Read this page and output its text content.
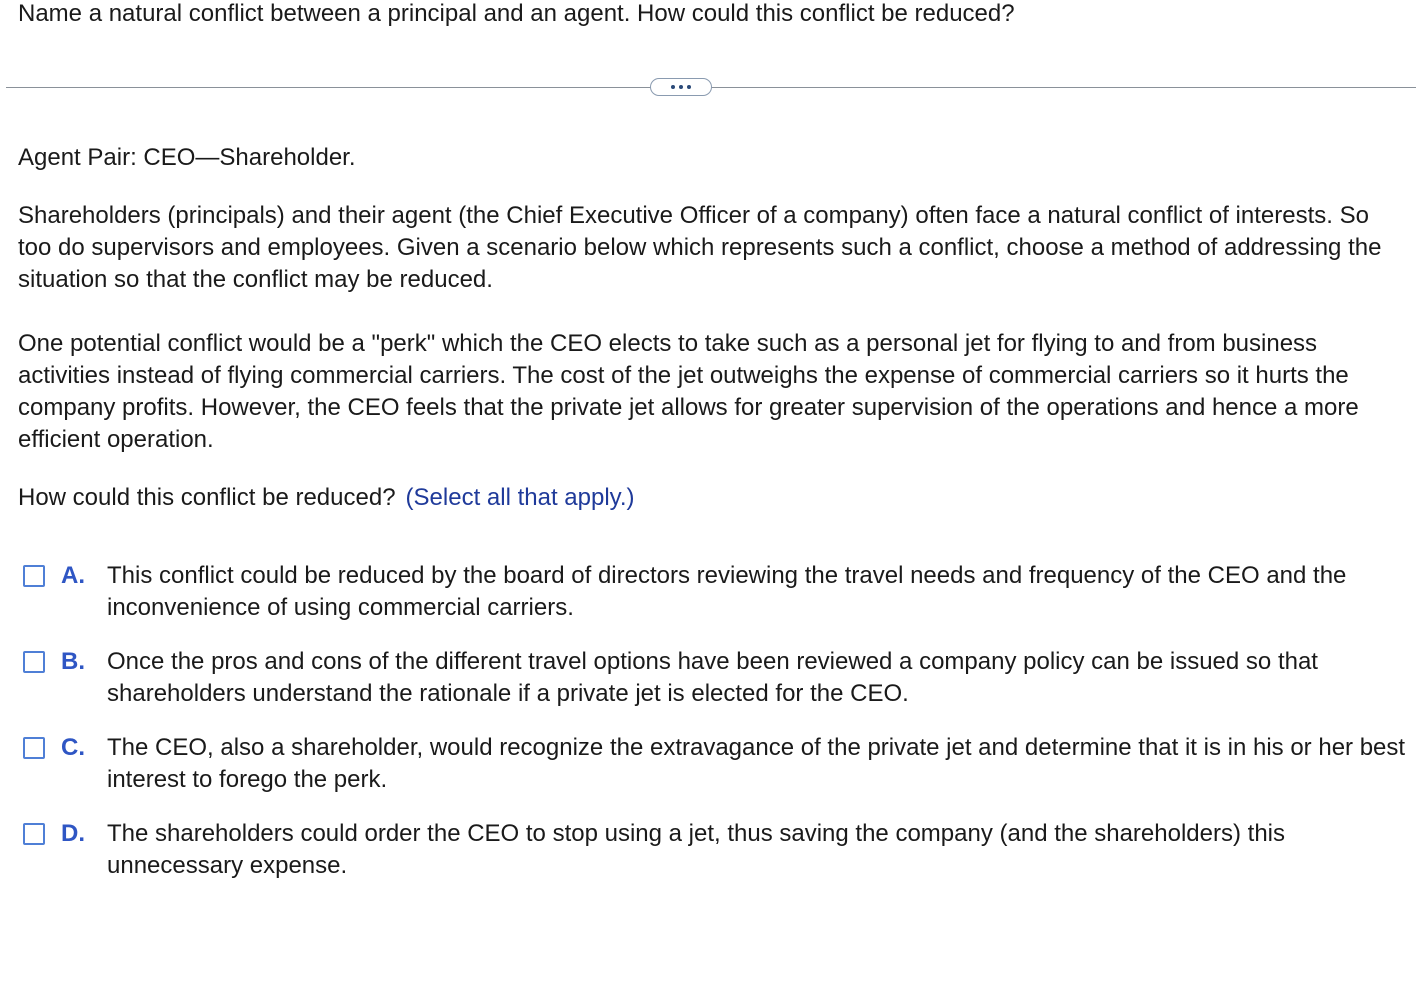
Name a natural conflict between a principal and an agent. How could this conflict be reduced?

Agent Pair: CEO—Shareholder.

Shareholders (principals) and their agent (the Chief Executive Officer of a company) often face a natural conflict of interests. So too do supervisors and employees. Given a scenario below which represents such a conflict, choose a method of addressing the situation so that the conflict may be reduced.

One potential conflict would be a "perk" which the CEO elects to take such as a personal jet for flying to and from business activities instead of flying commercial carriers. The cost of the jet outweighs the expense of commercial carriers so it hurts the company profits. However, the CEO feels that the private jet allows for greater supervision of the operations and hence a more efficient operation.

How could this conflict be reduced? (Select all that apply.)

A. This conflict could be reduced by the board of directors reviewing the travel needs and frequency of the CEO and the inconvenience of using commercial carriers.
B. Once the pros and cons of the different travel options have been reviewed a company policy can be issued so that shareholders understand the rationale if a private jet is elected for the CEO.
C. The CEO, also a shareholder, would recognize the extravagance of the private jet and determine that it is in his or her best interest to forego the perk.
D. The shareholders could order the CEO to stop using a jet, thus saving the company (and the shareholders) this unnecessary expense.
